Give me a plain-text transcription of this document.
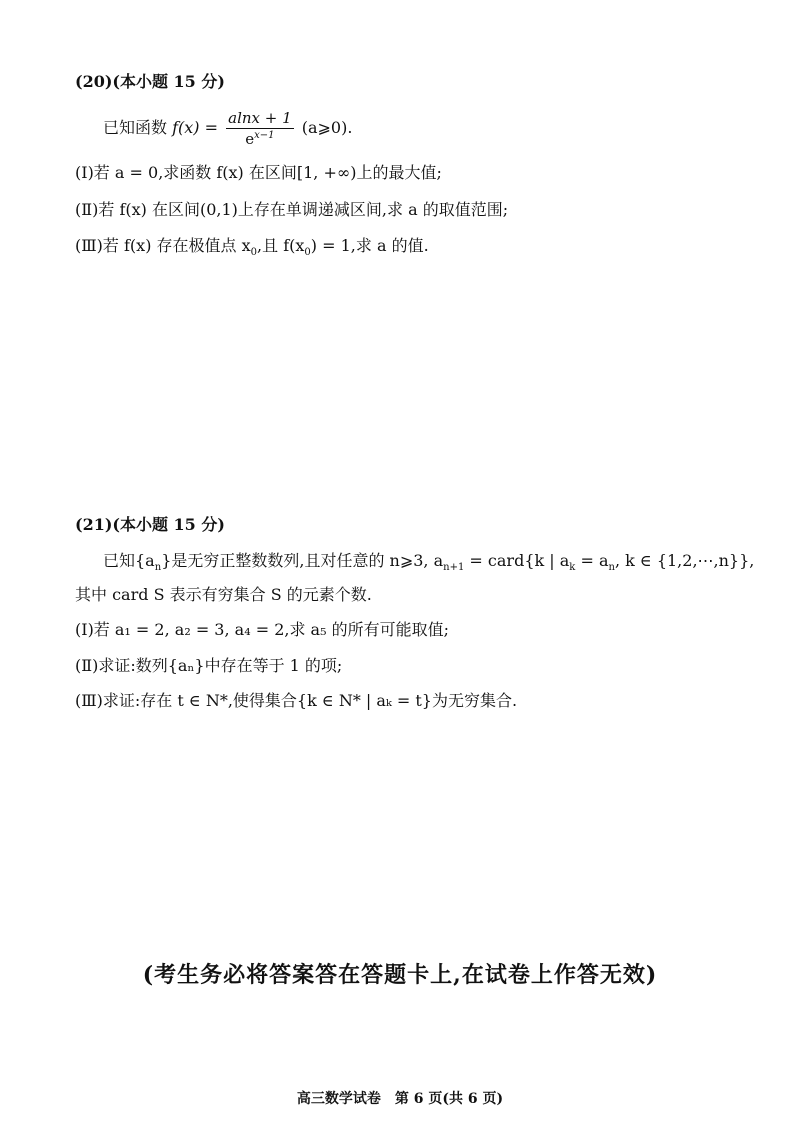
(20)(本小题 15 分)
已知函数 $f(x) = \frac{alnx + 1}{e^{x-1}}$ (a⩾0).
(Ⅰ)若 a = 0,求函数 f(x) 在区间[1, +∞)上的最大值;
(Ⅱ)若 f(x) 在区间(0,1)上存在单调递减区间,求 a 的取值范围;
(Ⅲ)若 f(x) 存在极值点 $x_0$,且 $f(x_0) = 1$,求 a 的值.
(21)(本小题 15 分)
已知$\{a_n\}$是无穷正整数数列,且对任意的 n⩾3, $a_{n+1}$ = card{k | $a_k = a_n$, k ∈ {1,2,⋯,n}},
其中 card S 表示有穷集合 S 的元素个数.
(Ⅰ)若 a₁ = 2, a₂ = 3, a₄ = 2,求 a₅ 的所有可能取值;
(Ⅱ)求证:数列{aₙ}中存在等于 1 的项;
(Ⅲ)求证:存在 t ∈ N*,使得集合{k ∈ N* | aₖ = t}为无穷集合.
(考生务必将答案答在答题卡上,在试卷上作答无效)
高三数学试卷　第 6 页(共 6 页)
